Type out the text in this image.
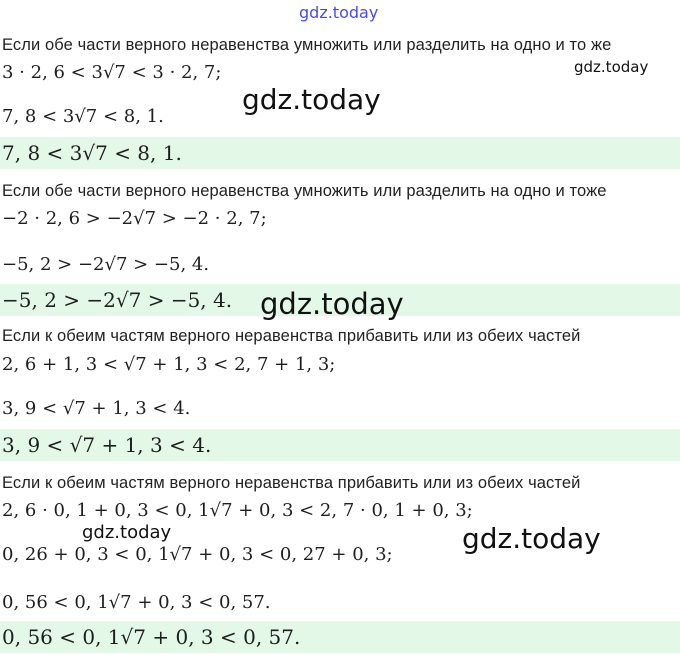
gdz.today
Если обе части верного неравенства умножить или разделить на одно и то же
3 · 2, 6 < 3√7 < 3 · 2, 7;
7, 8 < 3√7 < 8, 1.
7, 8 < 3√7 < 8, 1.
Если обе части верного неравенства умножить или разделить на одно и тоже
−2 · 2, 6 > −2√7 > −2 · 2, 7;
−5, 2 > −2√7 > −5, 4.
−5, 2 > −2√7 > −5, 4.
Если к обеим частям верного неравенства прибавить или из обеих частей
2, 6 + 1, 3 < √7 + 1, 3 < 2, 7 + 1, 3;
3, 9 < √7 + 1, 3 < 4.
3, 9 < √7 + 1, 3 < 4.
Если к обеим частям верного неравенства прибавить или из обеих частей
2, 6 · 0, 1 + 0, 3 < 0, 1√7 + 0, 3 < 2, 7 · 0, 1 + 0, 3;
0, 26 + 0, 3 < 0, 1√7 + 0, 3 < 0, 27 + 0, 3;
0, 56 < 0, 1√7 + 0, 3 < 0, 57.
0, 56 < 0, 1√7 + 0, 3 < 0, 57.
gdz.today
gdz.today
gdz.today
gdz.today	gdz.today
